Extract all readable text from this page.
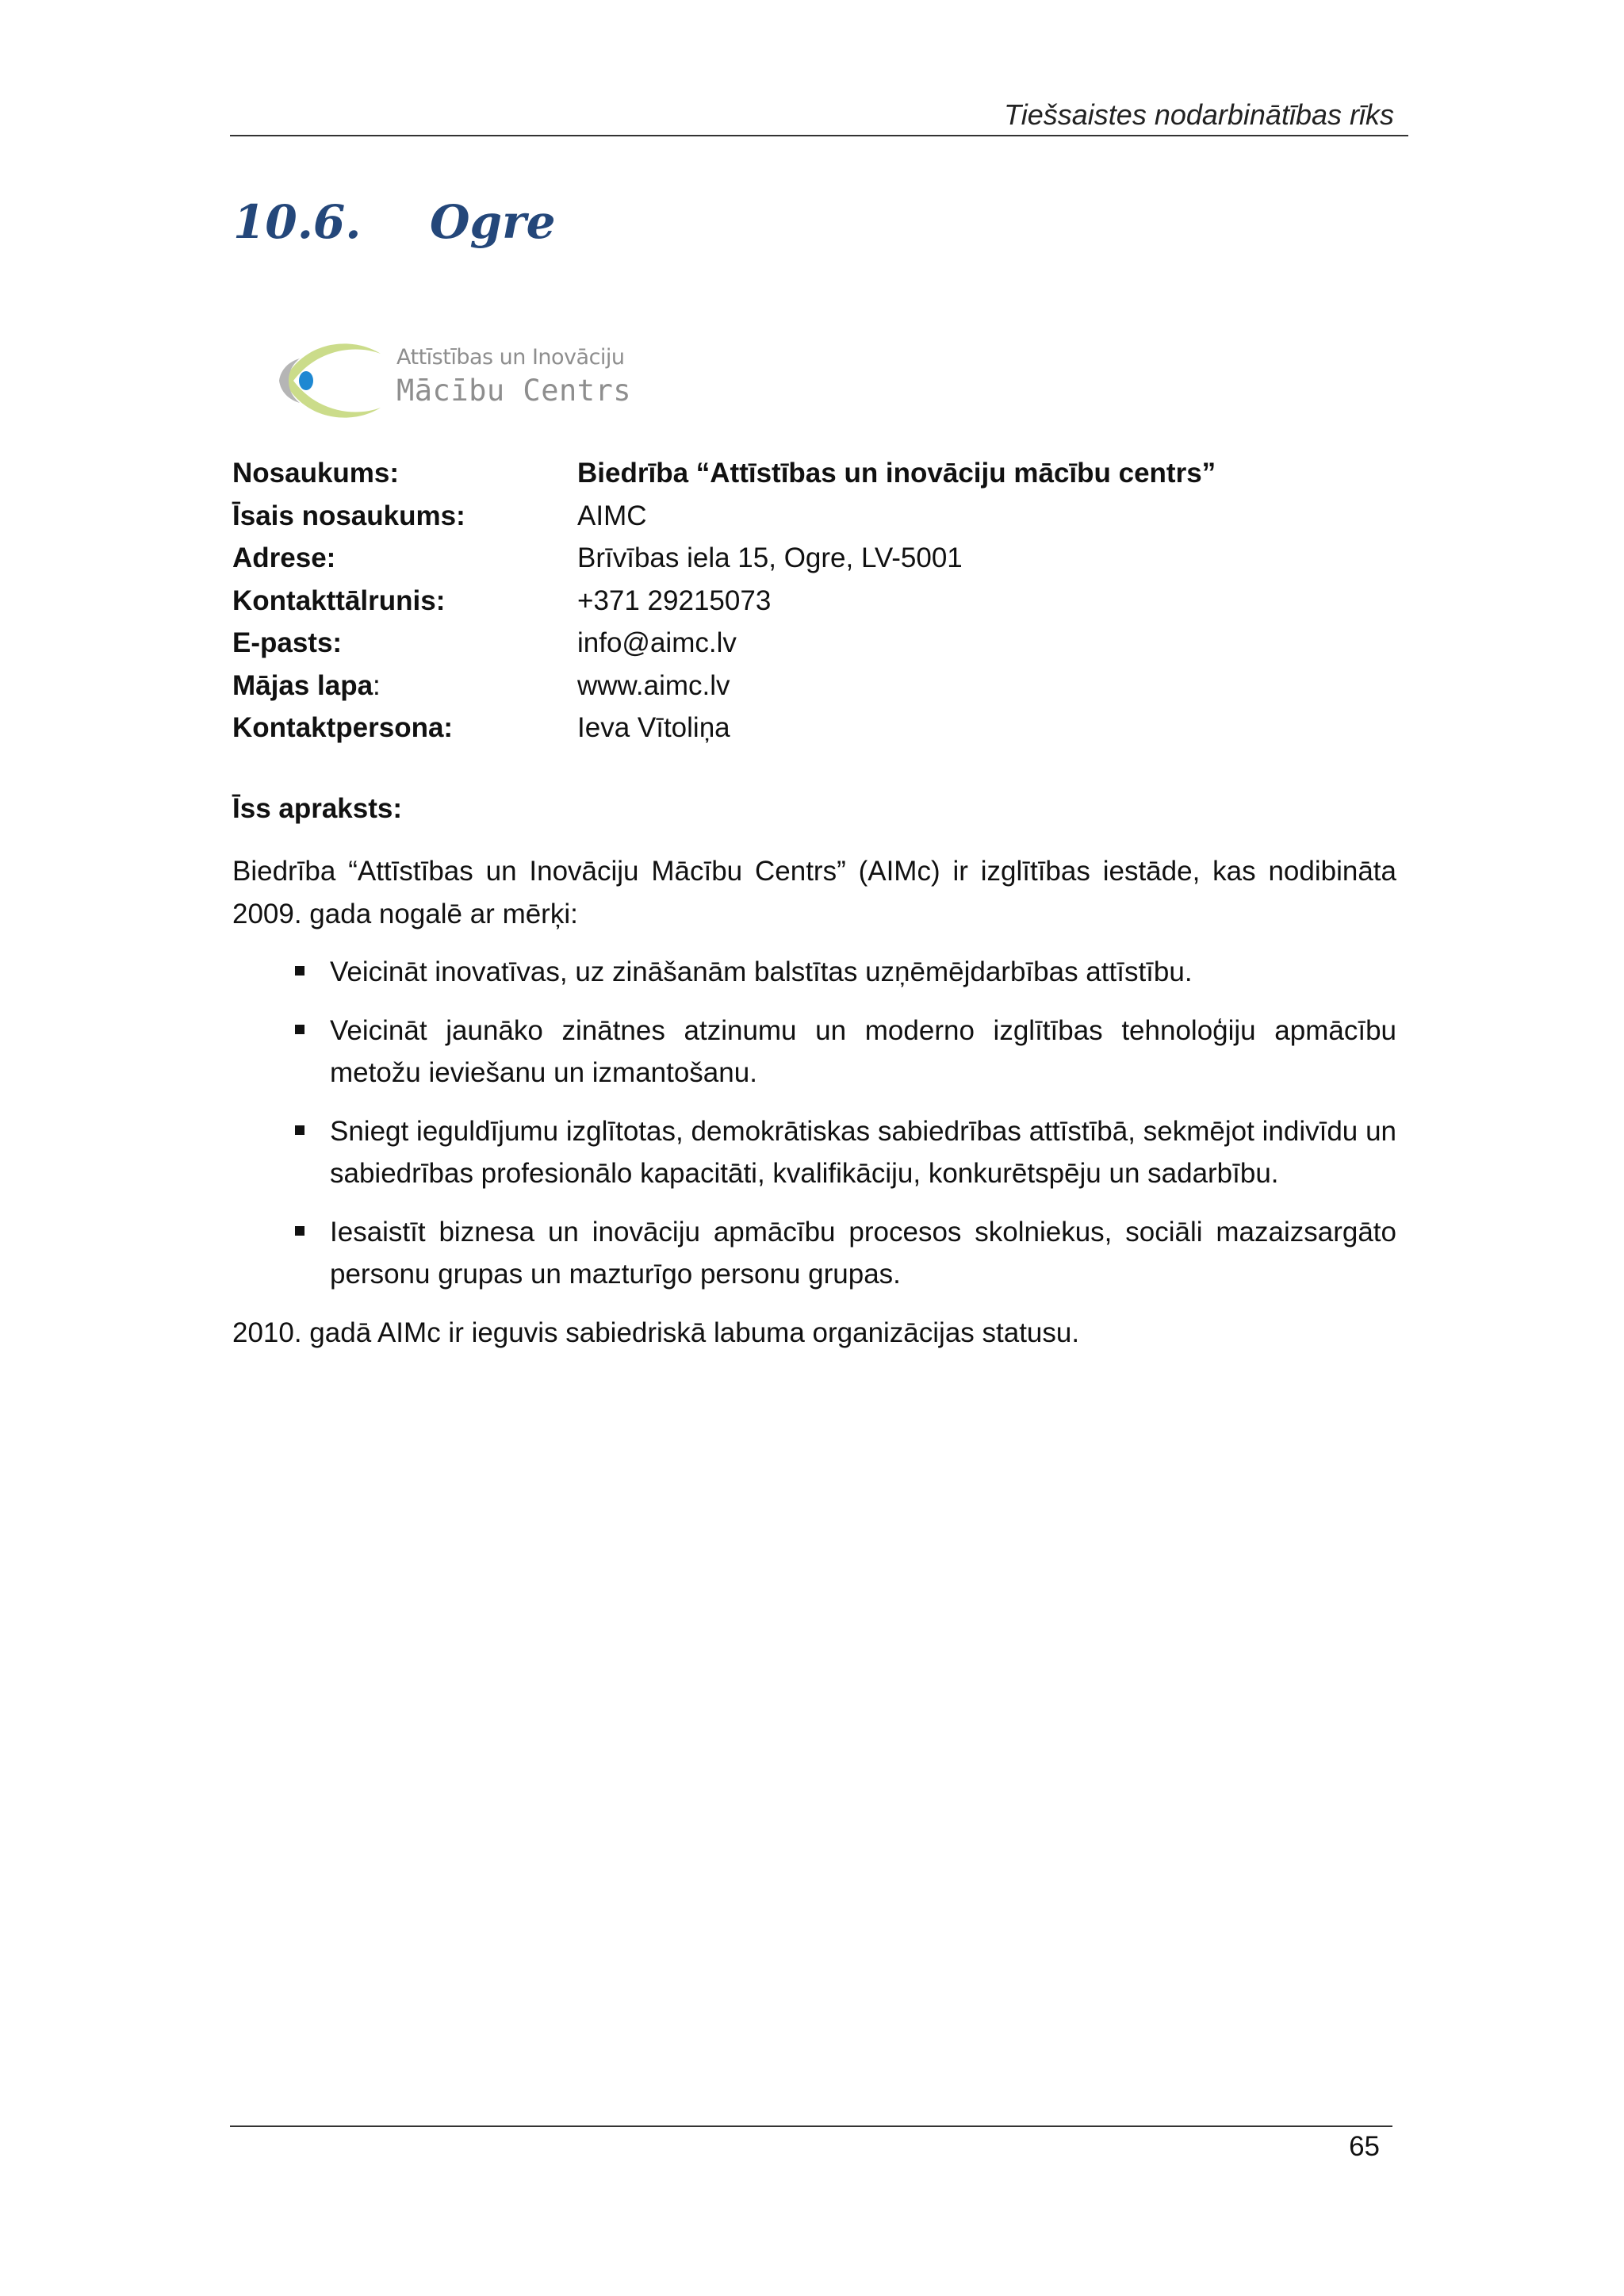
Tiešsaistes nodarbinātības rīks
10.6. Ogre
Attīstības un Inovāciju
Mācību Centrs
Nosaukums:	Biedrība “Attīstības un inovāciju mācību centrs”
Īsais nosaukums:	AIMC
Adrese:	Brīvības iela 15, Ogre, LV-5001
Kontakttālrunis:	+371 29215073
E-pasts:	info@aimc.lv
Mājas lapa:	www.aimc.lv
Kontaktpersona:	Ieva Vītoliņa
Īss apraksts:

Biedrība “Attīstības un Inovāciju Mācību Centrs” (AIMc) ir izglītības iestāde, kas nodibināta 2009. gada nogalē ar mērķi:

Veicināt inovatīvas, uz zināšanām balstītas uzņēmējdarbības attīstību.
Veicināt jaunāko zinātnes atzinumu un moderno izglītības tehnoloģiju apmācību metožu ieviešanu un izmantošanu.
Sniegt ieguldījumu izglītotas, demokrātiskas sabiedrības attīstībā, sekmējot indivīdu un sabiedrības profesionālo kapacitāti, kvalifikāciju, konkurētspēju un sadarbību.
Iesaistīt biznesa un inovāciju apmācību procesos skolniekus, sociāli mazaizsargāto personu grupas un mazturīgo personu grupas.

2010. gadā AIMc ir ieguvis sabiedriskā labuma organizācijas statusu.

65
